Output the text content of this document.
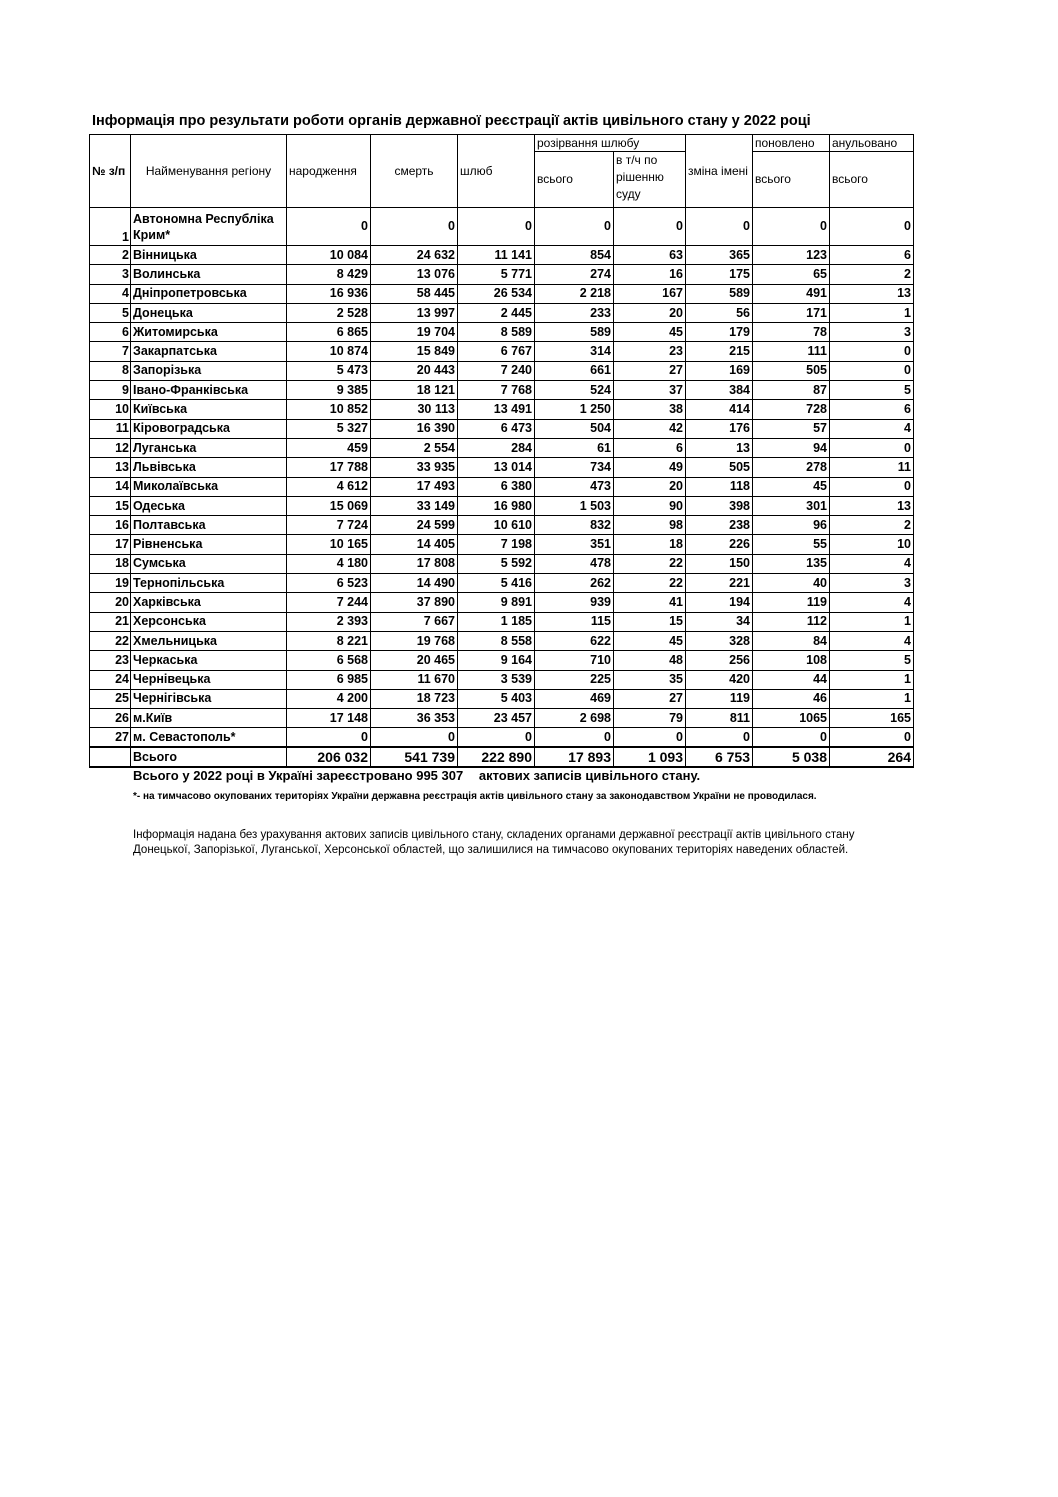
Інформація про результати роботи органів державної реєстрації актів цивільного стану у 2022 році
№ з/п	Найменування регіону	народження	смерть	шлюб	розірвання шлюбу		зміна імені	поновлено	анульовано
					всього	в т/ч по рішенню суду		всього	всього

1	Автономна Республіка Крим*	0	0	0	0	0	0	0	0
2	Вінницька	10 084	24 632	11 141	854	63	365	123	6
3	Волинська	8 429	13 076	5 771	274	16	175	65	2
4	Дніпропетровська	16 936	58 445	26 534	2 218	167	589	491	13
5	Донецька	2 528	13 997	2 445	233	20	56	171	1
6	Житомирська	6 865	19 704	8 589	589	45	179	78	3
7	Закарпатська	10 874	15 849	6 767	314	23	215	111	0
8	Запорізька	5 473	20 443	7 240	661	27	169	505	0
9	Івано-Франківська	9 385	18 121	7 768	524	37	384	87	5
10	Київська	10 852	30 113	13 491	1 250	38	414	728	6
11	Кіровоградська	5 327	16 390	6 473	504	42	176	57	4
12	Луганська	459	2 554	284	61	6	13	94	0
13	Львівська	17 788	33 935	13 014	734	49	505	278	11
14	Миколаївська	4 612	17 493	6 380	473	20	118	45	0
15	Одеська	15 069	33 149	16 980	1 503	90	398	301	13
16	Полтавська	7 724	24 599	10 610	832	98	238	96	2
17	Рівненська	10 165	14 405	7 198	351	18	226	55	10
18	Сумська	4 180	17 808	5 592	478	22	150	135	4
19	Тернопільська	6 523	14 490	5 416	262	22	221	40	3
20	Харківська	7 244	37 890	9 891	939	41	194	119	4
21	Херсонська	2 393	7 667	1 185	115	15	34	112	1
22	Хмельницька	8 221	19 768	8 558	622	45	328	84	4
23	Черкаська	6 568	20 465	9 164	710	48	256	108	5
24	Чернівецька	6 985	11 670	3 539	225	35	420	44	1
25	Чернігівська	4 200	18 723	5 403	469	27	119	46	1
26	м.Київ	17 148	36 353	23 457	2 698	79	811	1065	165
27	м. Севастополь*	0	0	0	0	0	0	0	0
	Всього	206 032	541 739	222 890	17 893	1 093	6 753	5 038	264
Всього у 2022 році в Україні зареєстровано 995 307 актових записів цивільного стану.
*- на тимчасово окупованих територіях України державна реєстрація актів цивільного стану за законодавством України не проводилася.
Інформація надана без урахування актових записів цивільного стану, складених органами державної реєстрації актів цивільного стану Донецької, Запорізької, Луганської, Херсонської областей, що залишилися на тимчасово окупованих територіях наведених областей.
